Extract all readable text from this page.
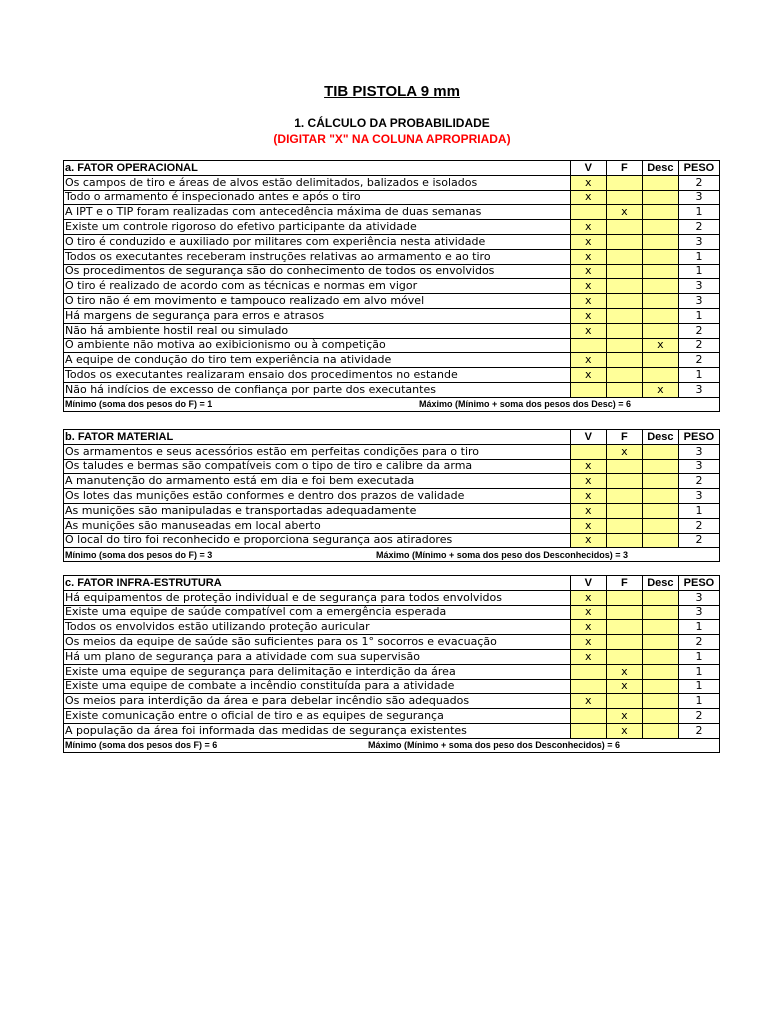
TIB PISTOLA 9 mm
1. CÁLCULO DA PROBABILIDADE
(DIGITAR "X" NA COLUNA APROPRIADA)
a. FATOR OPERACIONAL	V	F	Desc	PESO
Os campos de tiro e áreas de alvos estão delimitados, balizados e isolados	x			2
Todo o armamento é inspecionado antes e após o tiro	x			3
A IPT e o TIP foram realizadas com antecedência máxima de duas semanas		x		1
Existe um controle rigoroso do efetivo participante da atividade	x			2
O tiro é conduzido e auxiliado por militares com experiência nesta atividade	x			3
Todos os executantes receberam instruções relativas ao armamento e ao tiro	x			1
Os procedimentos de segurança são do conhecimento de todos os envolvidos	x			1
O tiro é realizado de acordo com as técnicas e normas em vigor	x			3
O tiro não é em movimento e tampouco realizado em alvo móvel	x			3
Há margens de segurança para erros e atrasos	x			1
Não há ambiente hostil real ou simulado	x			2
O ambiente não motiva ao exibicionismo ou à competição			x	2
A equipe de condução do tiro tem experiência na atividade	x			2
Todos os executantes realizaram ensaio dos procedimentos no estande	x			1
Não há indícios de excesso de confiança por parte dos executantes			x	3

Mínimo (soma dos pesos do F) = 1 Máximo (Mínimo + soma dos pesos dos Desc) = 6				
b. FATOR MATERIAL	V	F	Desc	PESO
Os armamentos e seus acessórios estão em perfeitas condições para o tiro		x		3
Os taludes e bermas são compatíveis com o tipo de tiro e calibre da arma	x			3
A manutenção do armamento está em dia e foi bem executada	x			2
Os lotes das munições estão conformes e dentro dos prazos de validade	x			3
As munições são manipuladas e transportadas adequadamente	x			1
As munições são manuseadas em local aberto	x			2
O local do tiro foi reconhecido e proporciona segurança aos atiradores	x			2

Mínimo (soma dos pesos do F) = 3 Máximo (Mínimo + soma dos peso dos Desconhecidos) = 3				
c. FATOR INFRA-ESTRUTURA	V	F	Desc	PESO
Há equipamentos de proteção individual e de segurança para todos envolvidos	x			3
Existe uma equipe de saúde compatível com a emergência esperada	x			3
Todos os envolvidos estão utilizando proteção auricular	x			1
Os meios da equipe de saúde são suficientes para os 1° socorros e evacuação	x			2
Há um plano de segurança para a atividade com sua supervisão	x			1
Existe uma equipe de segurança para delimitação e interdição da área		x		1
Existe uma equipe de combate a incêndio constituída para a atividade		x		1
Os meios para interdição da área e para debelar incêndio são adequados	x			1
Existe comunicação entre o oficial de tiro e as equipes de segurança		x		2
A população da área foi informada das medidas de segurança existentes		x		2

Mínimo (soma dos pesos dos F) = 6 Máximo (Mínimo + soma dos peso dos Desconhecidos) = 6				
